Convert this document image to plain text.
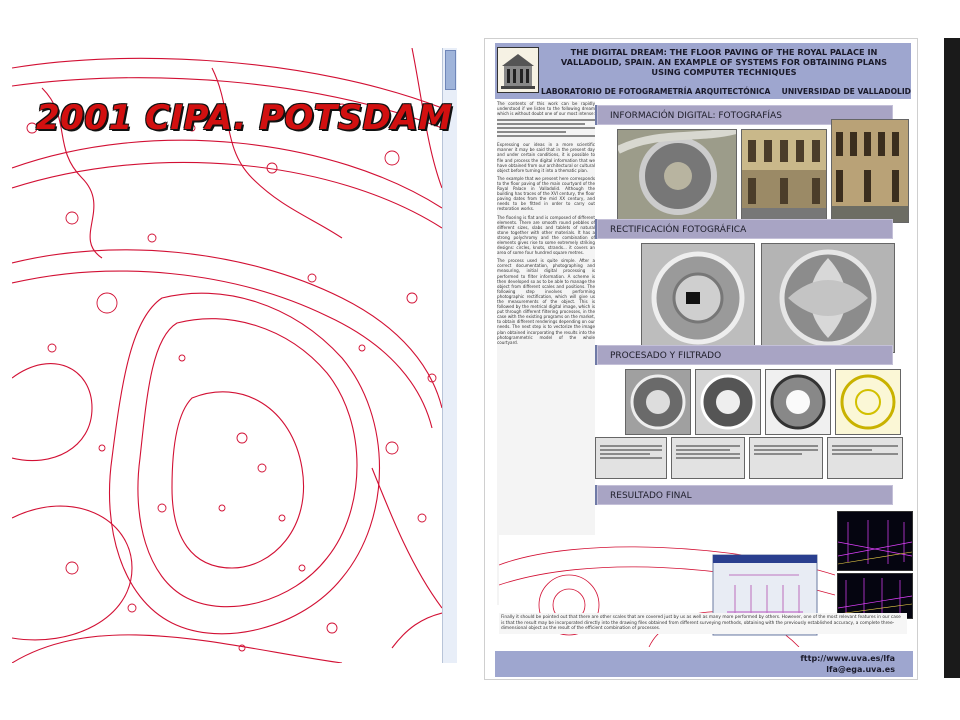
2001 CIPA. POTSDAM
THE DIGITAL DREAM: THE FLOOR PAVING OF THE ROYAL PALACE IN
VALLADOLID, SPAIN. AN EXAMPLE OF SYSTEMS FOR OBTAINING PLANS
USING COMPUTER TECHNIQUES
LABORATORIO DE FOTOGRAMETRÍA ARQUITECTÓNICA UNIVERSIDAD DE VALLADOLID

The contents of this work can be rapidly understood if we listen to the following dream which is without doubt one of our most intense:

Expressing our ideas in a more scientific manner it may be said that in the present day and under certain conditions, it is possible to file and process the digital information that we have obtained from our architectural or cultural object before turning it into a thematic plan.

The example that we present here corresponds to the floor paving of the main courtyard of the Royal Palace in Valladolid. Although the building has traces of the XVI century, the floor paving dates from the mid XX century, and needs to be fitted in order to carry out restoration works.

The flooring is flat and is composed of different elements. There are smooth round pebbles of different sizes, slabs and tablets of natural stone together with other materials. It has a strong polychromy and the combination of elements gives rise to some extremely striking designs: circles, knots, strands... it covers an area of some four hundred square metres.

The process used is quite simple. After a correct documentation, photographing and measuring, initial digital processing is performed to filter information. A scheme is then developed so as to be able to manage the object from different scales and positions. The following step involves performing photographic rectification, which will give us the measurements of the object. This is followed by the metrical digital image, which is put through different filtering processes, in the case with the existing programs on the market, to obtain different renderings depending on our needs. The next step is to vectorize the image plan obtained incorporating the results into the photogrammetric model of the whole courtyard.

INFORMACIÓN DIGITAL: FOTOGRAFÍAS
RECTIFICACIÓN FOTOGRÁFICA
PROCESADO Y FILTRADO
RESULTADO FINAL
Finally it should be pointed out that there are other scales that are covered just by us as well as many more performed by others. However, one of the most relevant features in our case is that the result may be incorporated directly into the drawing files obtained from different surveying methods, obtaining with the previously established accuracy, a complete three-dimensional object as the result of the efficient combination of processes.
fttp://www.uva.es/lfa
lfa@ega.uva.es
